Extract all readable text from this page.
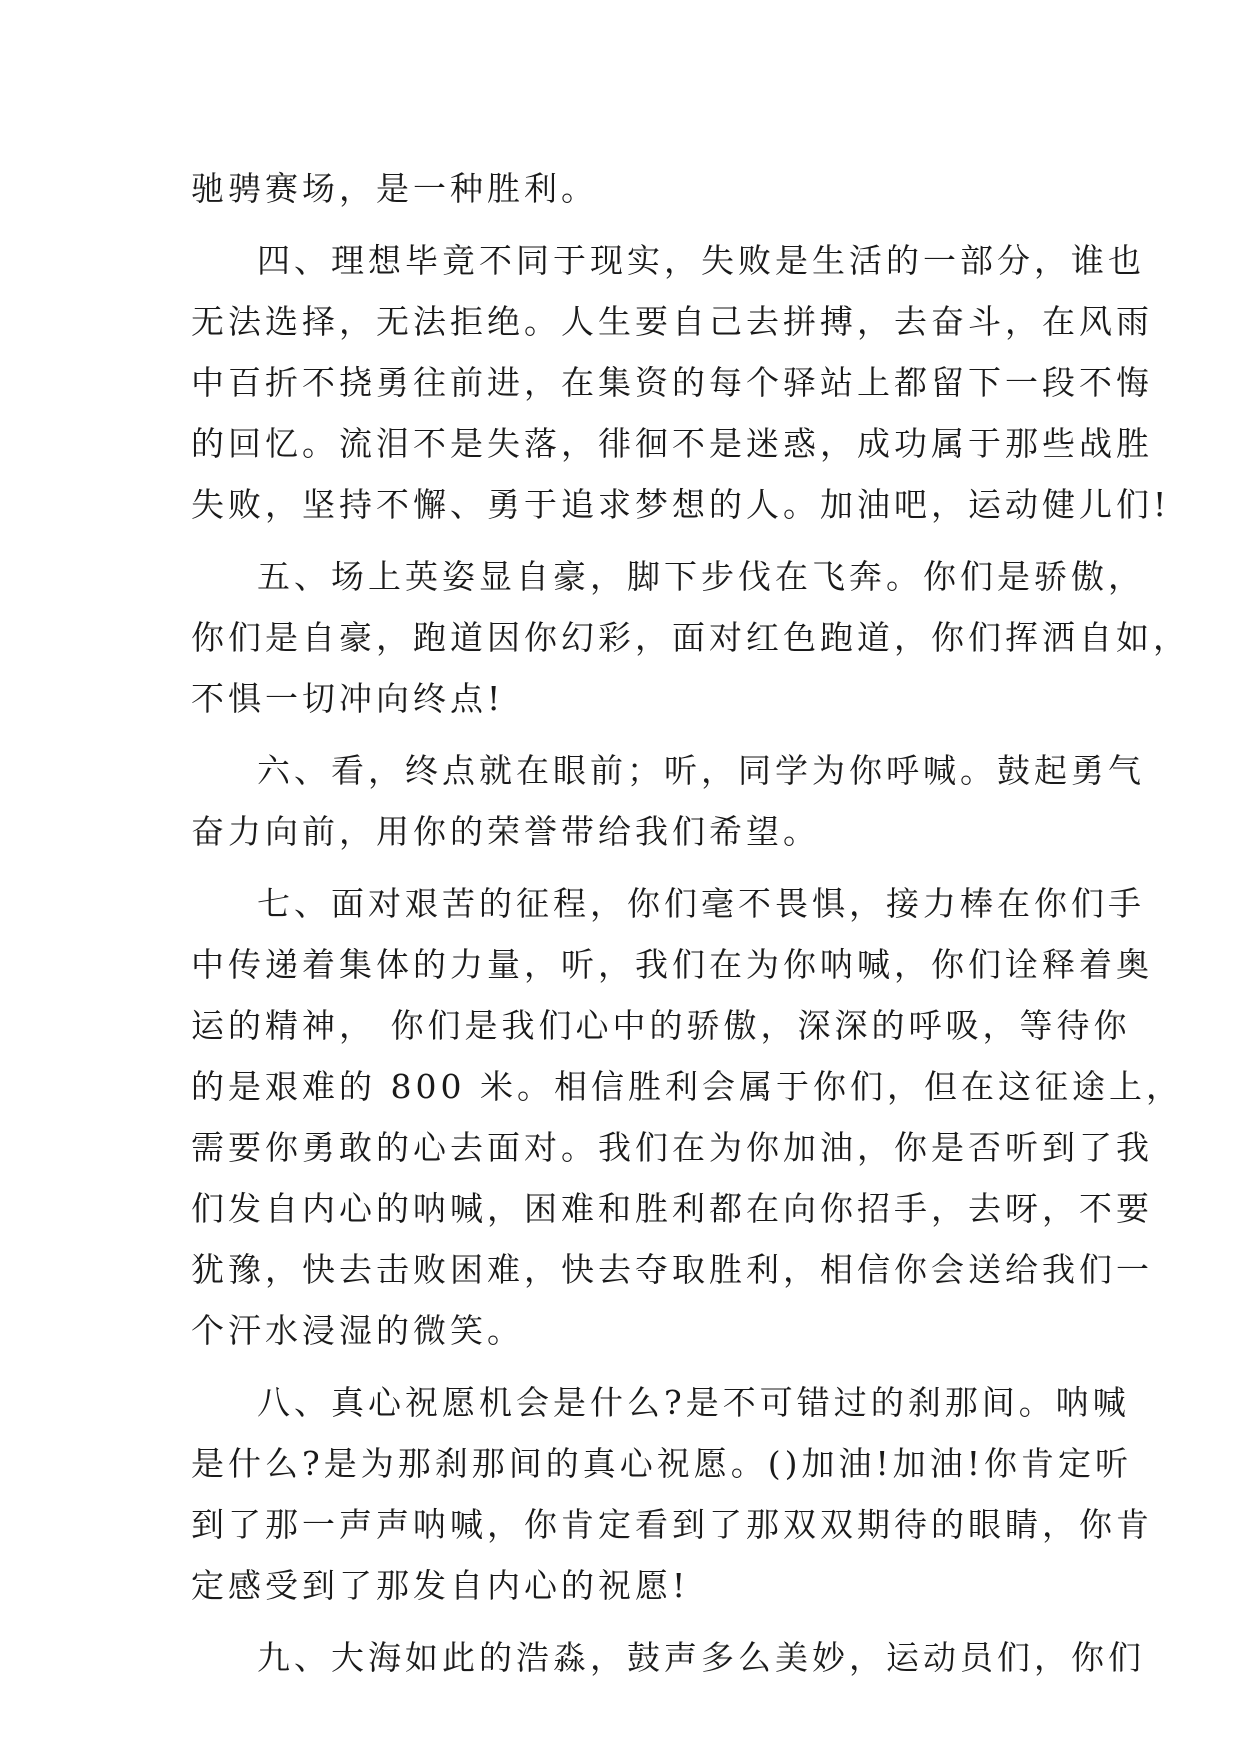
驰骋赛场，是一种胜利。
四、理想毕竟不同于现实，失败是生活的一部分，谁也
无法选择，无法拒绝。人生要自己去拼搏，去奋斗，在风雨
中百折不挠勇往前进，在集资的每个驿站上都留下一段不悔
的回忆。流泪不是失落，徘徊不是迷惑，成功属于那些战胜
失败，坚持不懈、勇于追求梦想的人。加油吧，运动健儿们!
五、场上英姿显自豪，脚下步伐在飞奔。你们是骄傲，
你们是自豪，跑道因你幻彩，面对红色跑道，你们挥洒自如，
不惧一切冲向终点!
六、看，终点就在眼前；听，同学为你呼喊。鼓起勇气
奋力向前，用你的荣誉带给我们希望。
七、面对艰苦的征程，你们毫不畏惧，接力棒在你们手
中传递着集体的力量，听，我们在为你呐喊，你们诠释着奥
运的精神， 你们是我们心中的骄傲，深深的呼吸，等待你
的是艰难的 800 米。相信胜利会属于你们，但在这征途上，
需要你勇敢的心去面对。我们在为你加油，你是否听到了我
们发自内心的呐喊，困难和胜利都在向你招手，去呀，不要
犹豫，快去击败困难，快去夺取胜利，相信你会送给我们一
个汗水浸湿的微笑。
八、真心祝愿机会是什么?是不可错过的刹那间。呐喊
是什么?是为那刹那间的真心祝愿。()加油!加油!你肯定听
到了那一声声呐喊，你肯定看到了那双双期待的眼睛，你肯
定感受到了那发自内心的祝愿!
九、大海如此的浩淼，鼓声多么美妙，运动员们，你们
